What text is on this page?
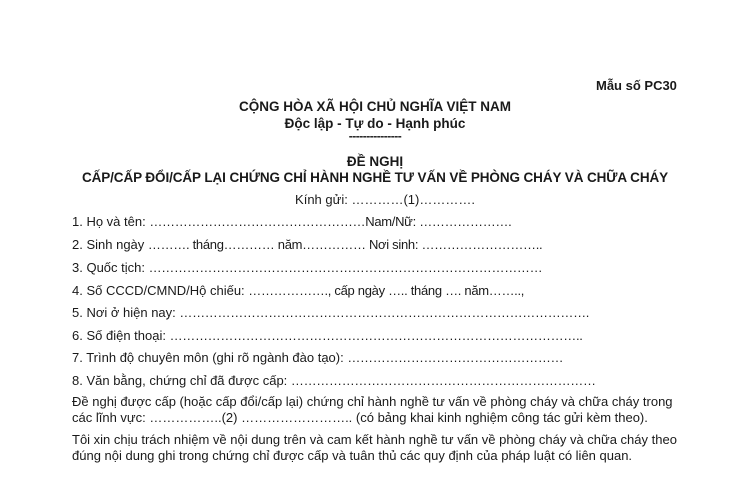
Mẫu số PC30
CỘNG HÒA XÃ HỘI CHỦ NGHĨA VIỆT NAM
Độc lập - Tự do - Hạnh phúc
---------------
ĐỀ NGHỊ
CẤP/CẤP ĐỔI/CẤP LẠI CHỨNG CHỈ HÀNH NGHỀ TƯ VẤN VỀ PHÒNG CHÁY VÀ CHỮA CHÁY
Kính gửi: …………(1)………….
1. Họ và tên: ……………………………………………Nam/Nữ: ………………….
2. Sinh ngày ………. tháng………… năm…………… Nơi sinh: ………………………..
3. Quốc tịch: …………………………………………………………………………………
4. Số CCCD/CMND/Hộ chiếu: ………………., cấp ngày ….. tháng …. năm……..,
5. Nơi ở hiện nay: …………………………………………………………………………………….
6. Số điện thoại: ……………………………………………………………………………………..
7. Trình độ chuyên môn (ghi rõ ngành đào tạo): ……………………………………………
8. Văn bằng, chứng chỉ đã được cấp: ………………………………………………………………
Đề nghị được cấp (hoặc cấp đổi/cấp lại) chứng chỉ hành nghề tư vấn về phòng cháy và chữa cháy trong
các lĩnh vực: ……………..(2) …………………….. (có bảng khai kinh nghiệm công tác gửi kèm theo).
Tôi xin chịu trách nhiệm về nội dung trên và cam kết hành nghề tư vấn về phòng cháy và chữa cháy theo
đúng nội dung ghi trong chứng chỉ được cấp và tuân thủ các quy định của pháp luật có liên quan.
